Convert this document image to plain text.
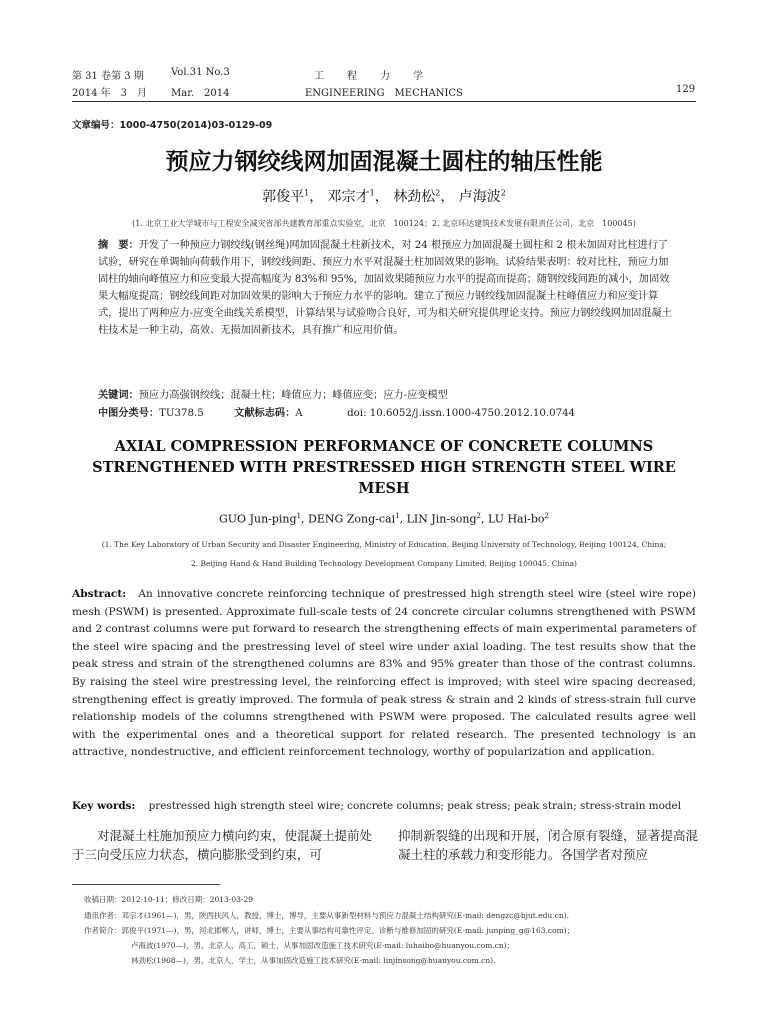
第 31 卷第 3 期	Vol.31 No.3	工　　程　　力　　学
2014 年　3　月 Mar.　2014	ENGINEERING　MECHANICS	129
文章编号：1000-4750(2014)03-0129-09
预应力钢绞线网加固混凝土圆柱的轴压性能
郭俊平$^1$， 邓宗才$^1$， 林劲松$^2$， 卢海波$^2$
(1. 北京工业大学城市与工程安全减灾省部共建教育部重点实验室，北京　100124；2. 北京环达建筑技术发展有限责任公司，北京　100045)
摘　要：开发了一种预应力钢绞线(钢丝绳)网加固混凝土柱新技术，对 24 根预应力加固混凝土圆柱和 2 根未加固对比柱进行了试验，研究在单调轴向荷载作用下，钢绞线间距、预应力水平对混凝土柱加固效果的影响。试验结果表明：较对比柱，预应力加固柱的轴向峰值应力和应变最大提高幅度为 83%和 95%，加固效果随预应力水平的提高而提高；随钢绞线间距的减小，加固效果大幅度提高；钢绞线间距对加固效果的影响大于预应力水平的影响。建立了预应力钢绞线加固混凝土柱峰值应力和应变计算式，提出了两种应力-应变全曲线关系模型，计算结果与试验吻合良好，可为相关研究提供理论支持。预应力钢绞线网加固混凝土柱技术是一种主动、高效、无损加固新技术，具有推广和应用价值。
关键词：预应力高强钢绞线；混凝土柱；峰值应力；峰值应变；应力-应变模型
中图分类号：TU378.5	文献标志码：A	doi: 10.6052/j.issn.1000-4750.2012.10.0744
AXIAL COMPRESSION PERFORMANCE OF CONCRETE COLUMNS STRENGTHENED WITH PRESTRESSED HIGH STRENGTH STEEL WIRE MESH
GUO Jun-ping$^1$, DENG Zong-cai$^1$, LIN Jin-song$^2$, LU Hai-$bo^2$
(1. The Key Laboratory of Urban Security and Disaster Engineering, Ministry of Education, Beijing University of Technology, Beijing 100124, China;
2. Beijing Hand & Hand Building Technology Development Company Limited, Beijing 100045, China)
Abstract: An innovative concrete reinforcing technique of prestressed high strength steel wire (steel wire rope) mesh (PSWM) is presented. Approximate full-scale tests of 24 concrete circular columns strengthened with PSWM and 2 contrast columns were put forward to research the strengthening effects of main experimental parameters of the steel wire spacing and the prestressing level of steel wire under axial loading. The test results show that the peak stress and strain of the strengthened columns are 83% and 95% greater than those of the contrast columns. By raising the steel wire prestressing level, the reinforcing effect is improved; with steel wire spacing decreased, strengthening effect is greatly improved. The formula of peak stress & strain and 2 kinds of stress-strain full curve relationship models of the columns strengthened with PSWM were proposed. The calculated results agree well with the experimental ones and a theoretical support for related research. The presented technology is an attractive, nondestructive, and efficient reinforcement technology, worthy of popularization and application.
Key words: prestressed high strength steel wire; concrete columns; peak stress; peak strain; stress-strain model
对混凝土柱施加预应力横向约束，使混凝土提前处于三向受压应力状态，横向膨胀受到约束，可
抑制新裂缝的出现和开展，闭合原有裂缝，显著提高混凝土柱的承载力和变形能力。各国学者对预应
收稿日期：2012-10-11；修改日期：2013-03-29
通讯作者：邓宗才(1961—)，男，陕西扶风人，教授，博士，博导，主要从事新型材料与预应力混凝土结构研究(E-mail: dengzc@bjut.edu.cn).
作者简介：郭俊平(1971—)，男，河北邯郸人，讲师，博士，主要从事结构可靠性评定、诊断与维修加固的研究(E-mail: junping_g@163.com)；
卢海波(1970—)，男，北京人，高工，硕士，从事加固改造施工技术研究(E-mail: luhaibo@huanyou.com.cn)；
林劲松(1968—)，男，北京人，学士，从事加固改造施工技术研究(E-mail: linjinsong@huanyou.com.cn).
